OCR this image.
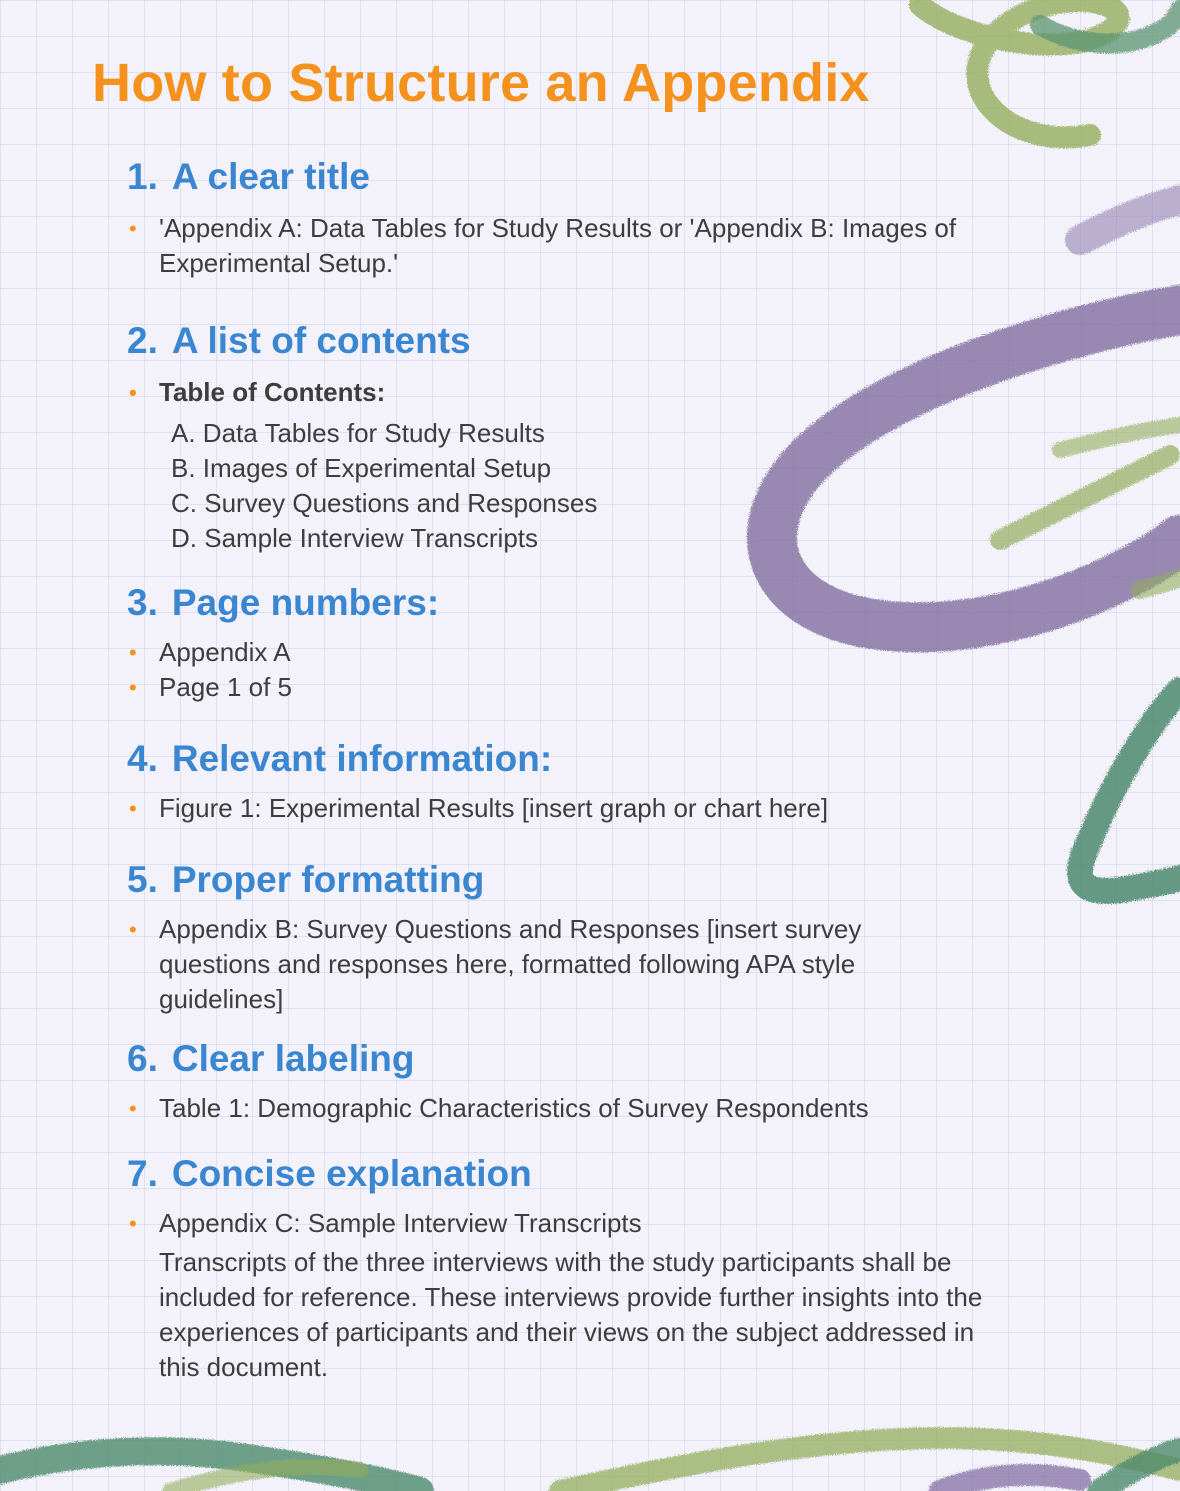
How to Structure an Appendix
1. A clear title
• 'Appendix A: Data Tables for Study Results or 'Appendix B: Images of Experimental Setup.'
2. A list of contents
• Table of Contents:
A. Data Tables for Study Results
B. Images of Experimental Setup
C. Survey Questions and Responses
D. Sample Interview Transcripts
3. Page numbers:
• Appendix A
• Page 1 of 5
4. Relevant information:
• Figure 1: Experimental Results [insert graph or chart here]
5. Proper formatting
• Appendix B: Survey Questions and Responses [insert survey questions and responses here, formatted following APA style guidelines]
6. Clear labeling
• Table 1: Demographic Characteristics of Survey Respondents
7. Concise explanation
• Appendix C: Sample Interview Transcripts

Transcripts of the three interviews with the study participants shall be included for reference. These interviews provide further insights into the experiences of participants and their views on the subject addressed in this document.
